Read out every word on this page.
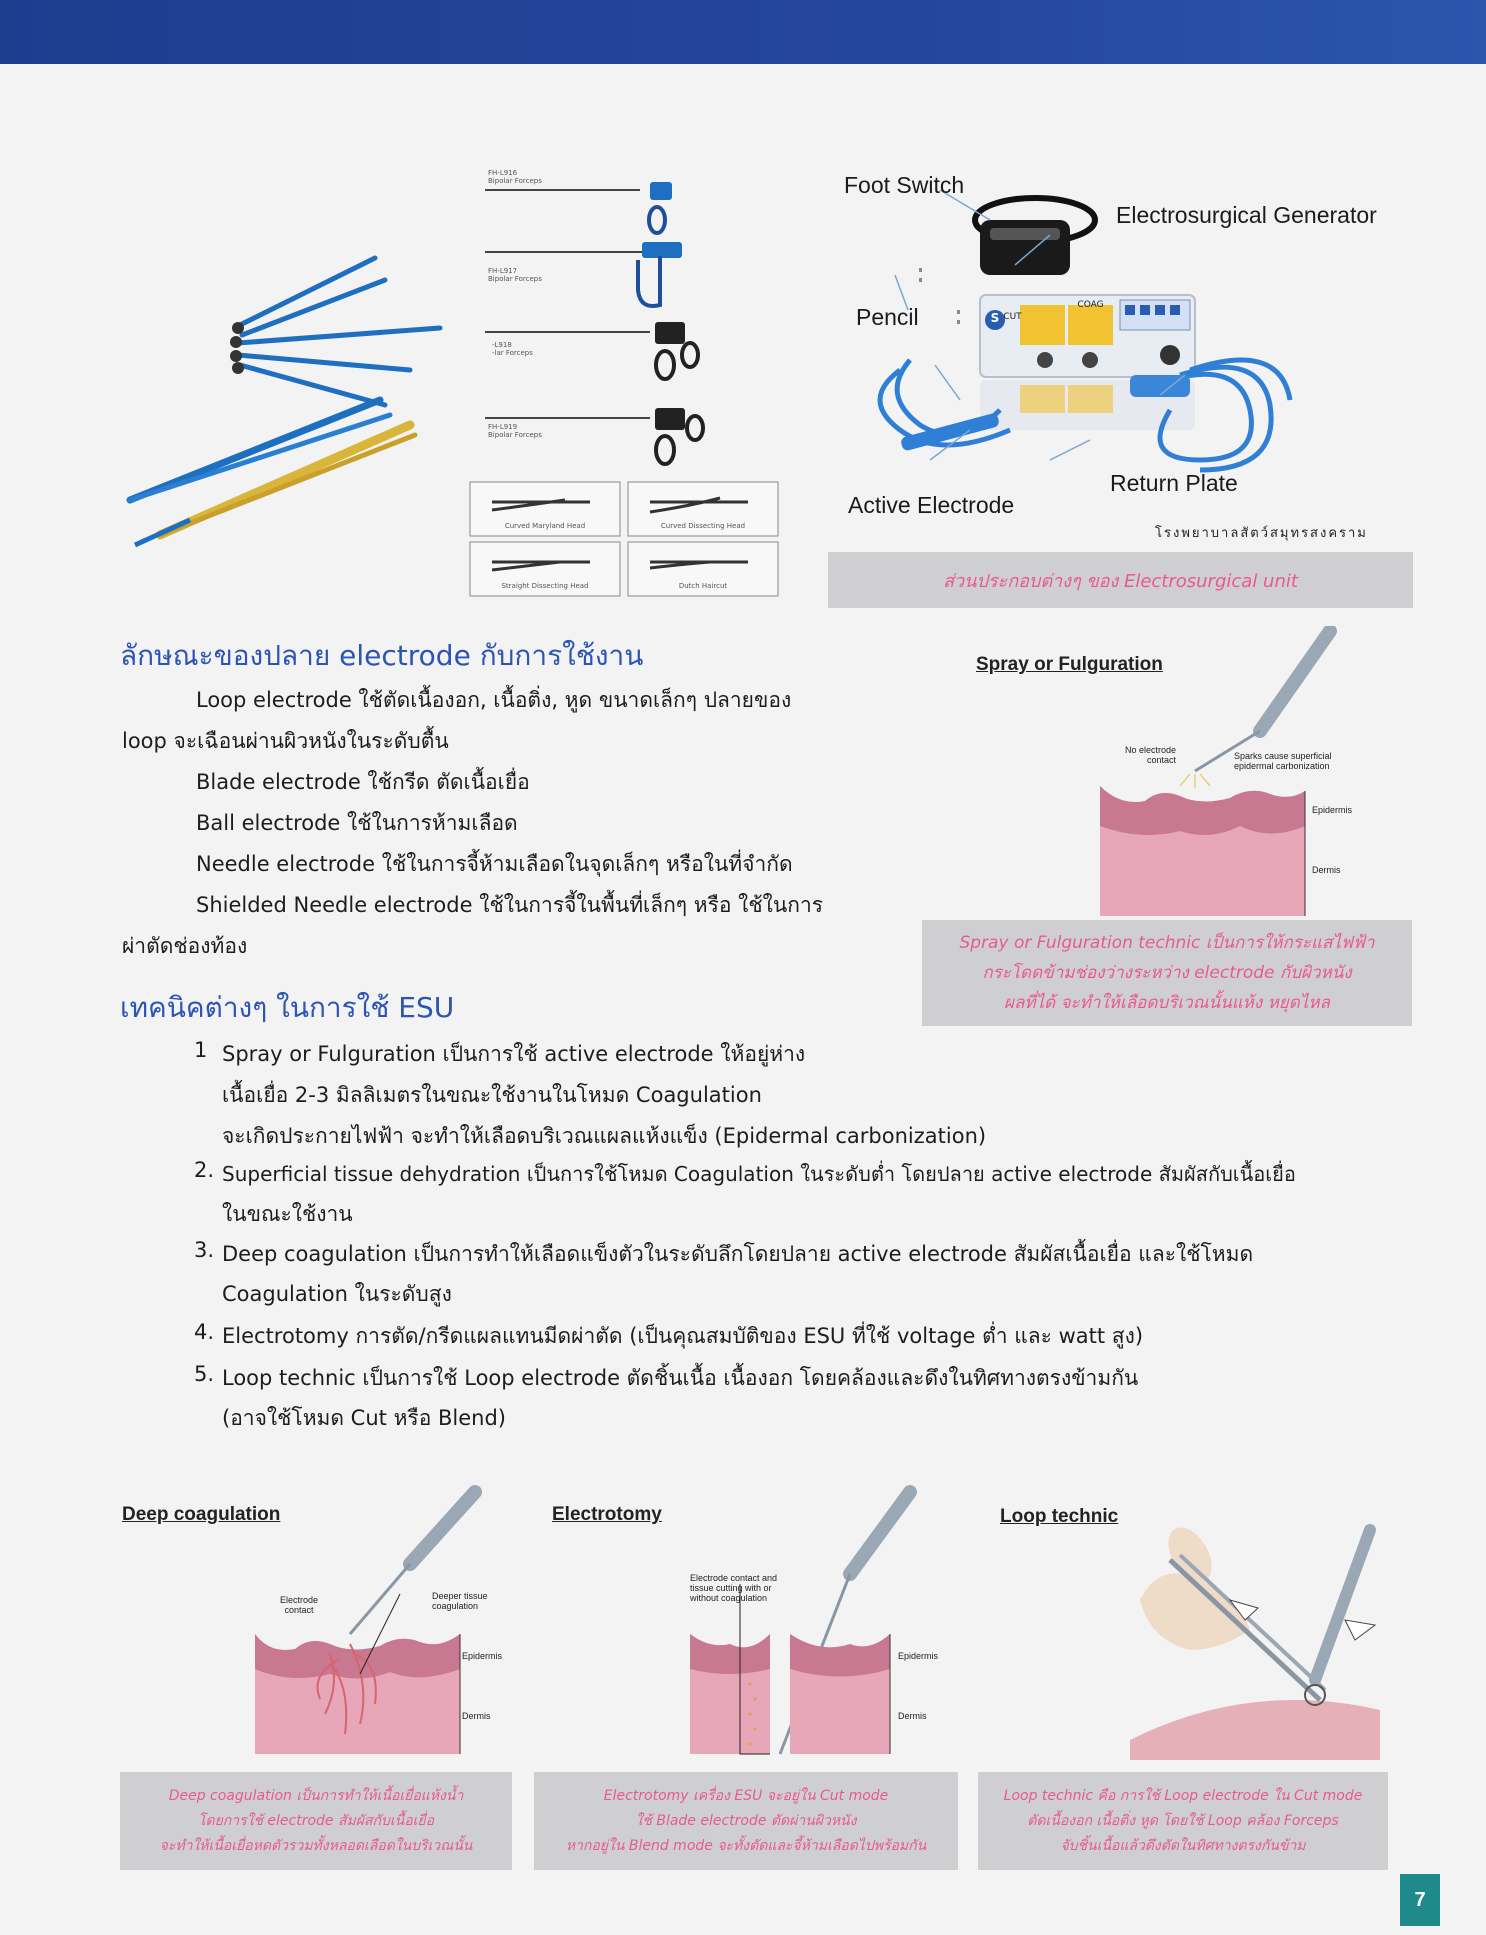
FH-L916
Bipolar Forceps
FH-L917
Bipolar Forceps
-L918
-lar Forceps
FH-L919
Bipolar Forceps
Curved Maryland Head	Curved Dissecting Head
Straight Dissecting Head	Dutch Haircut
CUT
COAG
S
Foot Switch
Electrosurgical Generator
Pencil
Return Plate
Active Electrode
โรงพยาบาลสัตว์สมุทรสงคราม
ส่วนประกอบต่างๆ ของ Electrosurgical unit
ลักษณะของปลาย electrode กับการใช้งาน
Loop electrode ใช้ตัดเนื้องอก, เนื้อติ่ง, หูด ขนาดเล็กๆ ปลายของ
loop จะเฉือนผ่านผิวหนังในระดับตื้น
Blade electrode ใช้กรีด ตัดเนื้อเยื่อ
Ball electrode ใช้ในการห้ามเลือด
Needle electrode ใช้ในการจี้ห้ามเลือดในจุดเล็กๆ หรือในที่จำกัด
Shielded Needle electrode ใช้ในการจี้ในพื้นที่เล็กๆ หรือ ใช้ในการ
ผ่าตัดช่องท้อง
Spray or Fulguration
No electrode contact	Sparks cause superficial epidermal carbonization
Epidermis
Dermis
Spray or Fulguration technic เป็นการให้กระแสไฟฟ้า
กระโดดข้ามช่องว่างระหว่าง electrode กับผิวหนัง
ผลที่ได้ จะทำให้เลือดบริเวณนั้นแห้ง หยุดไหล
เทคนิคต่างๆ ในการใช้ ESU
1 Spray or Fulguration เป็นการใช้ active electrode ให้อยู่ห่าง
เนื้อเยื่อ 2-3 มิลลิเมตรในขณะใช้งานในโหมด Coagulation
จะเกิดประกายไฟฟ้า จะทำให้เลือดบริเวณแผลแห้งแข็ง (Epidermal carbonization)
2. Superficial tissue dehydration เป็นการใช้โหมด Coagulation ในระดับต่ำ โดยปลาย active electrode สัมผัสกับเนื้อเยื่อ
ในขณะใช้งาน
3. Deep coagulation เป็นการทำให้เลือดแข็งตัวในระดับลึกโดยปลาย active electrode สัมผัสเนื้อเยื่อ และใช้โหมด
Coagulation ในระดับสูง
4. Electrotomy การตัด/กรีดแผลแทนมีดผ่าตัด (เป็นคุณสมบัติของ ESU ที่ใช้ voltage ต่ำ และ watt สูง)
5. Loop technic เป็นการใช้ Loop electrode ตัดชิ้นเนื้อ เนื้องอก โดยคล้องและดึงในทิศทางตรงข้ามกัน
(อาจใช้โหมด Cut หรือ Blend)
Deep coagulation
Electrode contact
Deeper tissue coagulation
Epidermis
Dermis
Deep coagulation เป็นการทำให้เนื้อเยื่อแห้งน้ำ
โดยการใช้ electrode สัมผัสกับเนื้อเยื่อ
จะทำให้เนื้อเยื่อหดตัวรวมทั้งหลอดเลือดในบริเวณนั้น
Electrotomy
Electrode contact and tissue cutting with or without coagulation
Epidermis
Dermis
Electrotomy เครื่อง ESU จะอยู่ใน Cut mode
ใช้ Blade electrode ตัดผ่านผิวหนัง
หากอยู่ใน Blend mode จะทั้งตัดและจี้ห้ามเลือดไปพร้อมกัน
Loop technic
Loop technic คือ การใช้ Loop electrode ใน Cut mode
ตัดเนื้องอก เนื้อติ่ง หูด โดยใช้ Loop คล้อง Forceps
จับชิ้นเนื้อแล้วดึงตัดในทิศทางตรงกันข้าม
7
